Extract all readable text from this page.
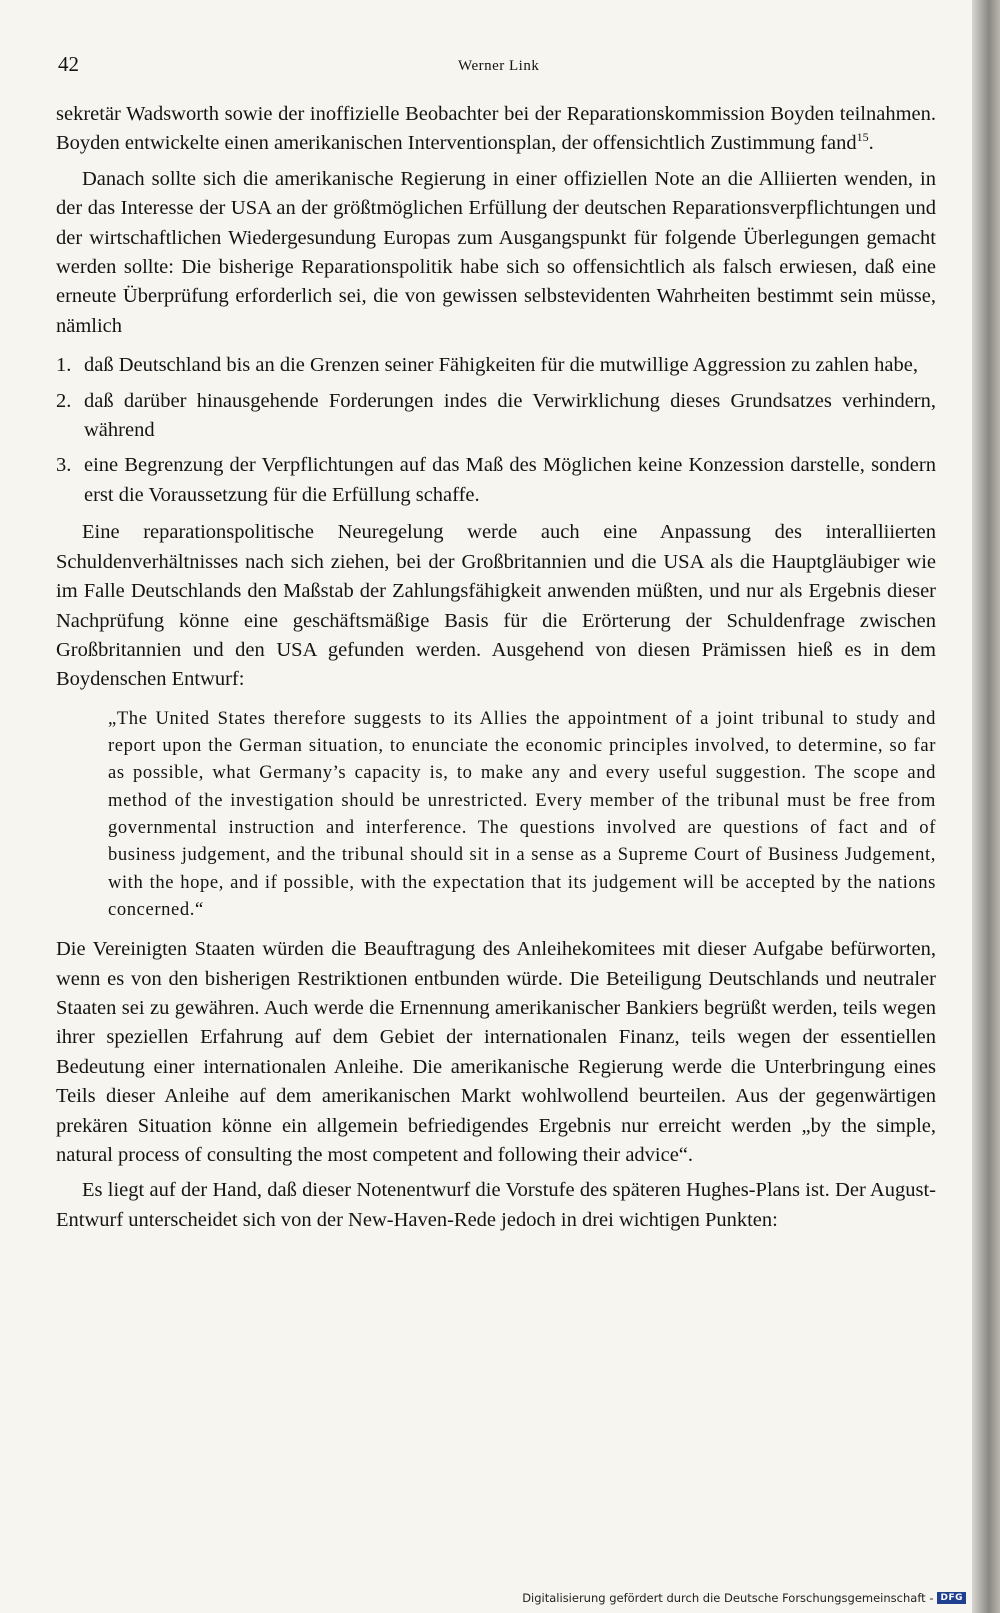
42	Werner Link

sekretär Wadsworth sowie der inoffizielle Beobachter bei der Reparationskommission Boyden teilnahmen. Boyden entwickelte einen amerikanischen Interventionsplan, der offensichtlich Zustimmung fand$^{15}$.

Danach sollte sich die amerikanische Regierung in einer offiziellen Note an die Alliierten wenden, in der das Interesse der USA an der größtmöglichen Erfüllung der deutschen Reparationsverpflichtungen und der wirtschaftlichen Wiedergesundung Europas zum Ausgangspunkt für folgende Überlegungen gemacht werden sollte: Die bisherige Reparationspolitik habe sich so offensichtlich als falsch erwiesen, daß eine erneute Überprüfung erforderlich sei, die von gewissen selbstevidenten Wahrheiten bestimmt sein müsse, nämlich

1. daß Deutschland bis an die Grenzen seiner Fähigkeiten für die mutwillige Aggression zu zahlen habe,
2. daß darüber hinausgehende Forderungen indes die Verwirklichung dieses Grundsatzes verhindern, während
3. eine Begrenzung der Verpflichtungen auf das Maß des Möglichen keine Konzession darstelle, sondern erst die Voraussetzung für die Erfüllung schaffe.

Eine reparationspolitische Neuregelung werde auch eine Anpassung des interalliierten Schuldenverhältnisses nach sich ziehen, bei der Großbritannien und die USA als die Hauptgläubiger wie im Falle Deutschlands den Maßstab der Zahlungsfähigkeit anwenden müßten, und nur als Ergebnis dieser Nachprüfung könne eine geschäftsmäßige Basis für die Erörterung der Schuldenfrage zwischen Großbritannien und den USA gefunden werden. Ausgehend von diesen Prämissen hieß es in dem Boydenschen Entwurf:

„The United States therefore suggests to its Allies the appointment of a joint tribunal to study and report upon the German situation, to enunciate the economic principles involved, to determine, so far as possible, what Germany’s capacity is, to make any and every useful suggestion. The scope and method of the investigation should be unrestricted. Every member of the tribunal must be free from governmental instruction and interference. The questions involved are questions of fact and of business judgement, and the tribunal should sit in a sense as a Supreme Court of Business Judgement, with the hope, and if possible, with the expectation that its judgement will be accepted by the nations concerned.“

Die Vereinigten Staaten würden die Beauftragung des Anleihekomitees mit dieser Aufgabe befürworten, wenn es von den bisherigen Restriktionen entbunden würde. Die Beteiligung Deutschlands und neutraler Staaten sei zu gewähren. Auch werde die Ernennung amerikanischer Bankiers begrüßt werden, teils wegen ihrer speziellen Erfahrung auf dem Gebiet der internationalen Finanz, teils wegen der essentiellen Bedeutung einer internationalen Anleihe. Die amerikanische Regierung werde die Unterbringung eines Teils dieser Anleihe auf dem amerikanischen Markt wohlwollend beurteilen. Aus der gegenwärtigen prekären Situation könne ein allgemein befriedigendes Ergebnis nur erreicht werden „by the simple, natural process of consulting the most competent and following their advice“.

Es liegt auf der Hand, daß dieser Notenentwurf die Vorstufe des späteren Hughes-Plans ist. Der August-Entwurf unterscheidet sich von der New-Haven-Rede jedoch in drei wichtigen Punkten:

Digitalisierung gefördert durch die Deutsche Forschungsgemeinschaft - DFG
